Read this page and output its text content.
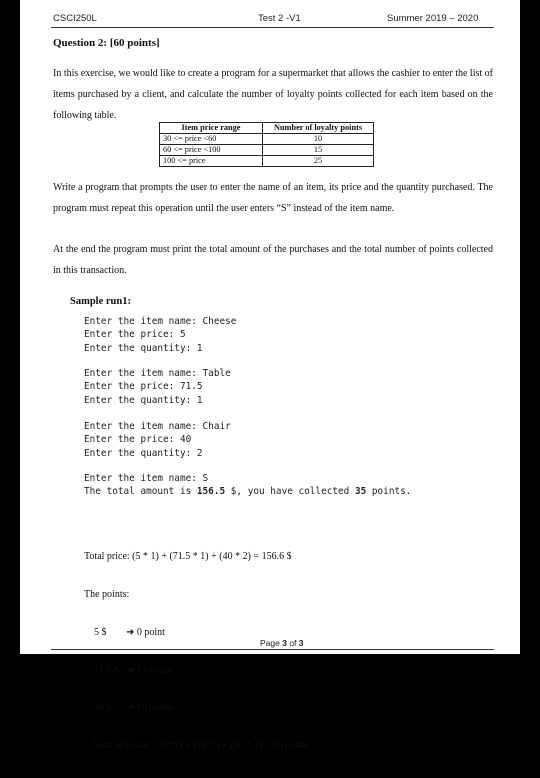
CSCI250L	Test 2 -V1	Summer 2019 – 2020
Question 2: [60 points]
In this exercise, we would like to create a program for a supermarket that allows the cashier to enter the list of items purchased by a client, and calculate the number of loyalty points collected for each item based on the following table.
Item price range	Number of loyalty points
30 <= price <60	10
60 <= price <100	15
100 <= price	25
Write a program that prompts the user to enter the name of an item, its price and the quantity purchased. The program must repeat this operation until the user enters “S” instead of the item name.
At the end the program must print the total amount of the purchases and the total number of points collected in this transaction.
Sample run1:
Enter the item name: Cheese
Enter the price: 5
Enter the quantity: 1
Enter the item name: Table
Enter the price: 71.5
Enter the quantity: 1
Enter the item name: Chair
Enter the price: 40
Enter the quantity: 2
Enter the item name: S
The total amount is 156.5 $, you have collected 35 points.

Total price: (5 * 1) + (71.5 * 1) + (40 * 2) = 156.6 $

The points:

5 $ ➜ 0 point

71.5 $ ➜ 15 points

40 $ ➜ 10 points

Sum of points = (0*1) + (15*1) + (10 * 2) = 35 points

Page 3 of 3
